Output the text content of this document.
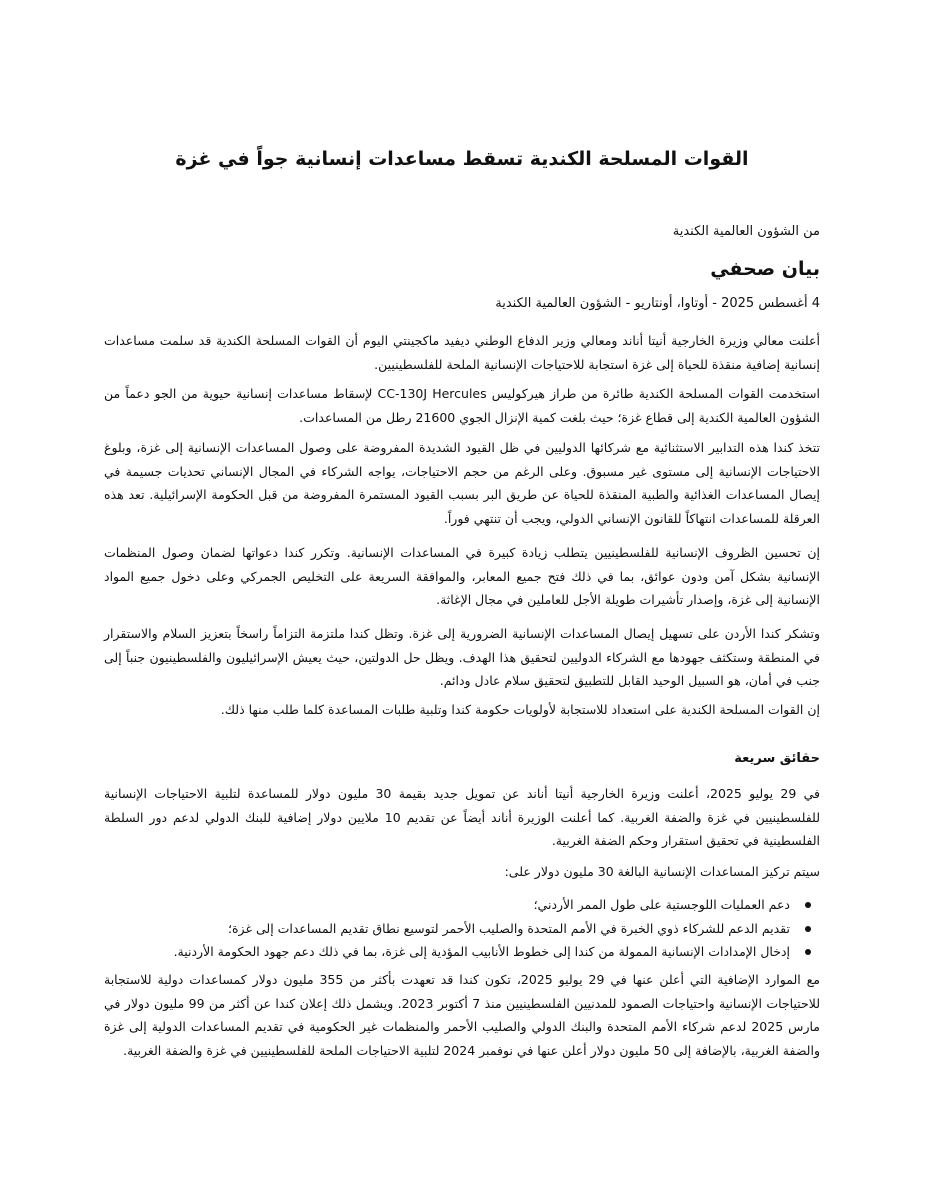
القوات المسلحة الكندية تسقط مساعدات إنسانية جواً في غزة

من الشؤون العالمية الكندية

بيان صحفي

4 أغسطس 2025 - أوتاوا، أونتاريو - الشؤون العالمية الكندية

أعلنت معالي وزيرة الخارجية أنيتا أناند ومعالي وزير الدفاع الوطني ديفيد ماكجينتي اليوم أن القوات المسلحة الكندية قد سلمت مساعدات إنسانية إضافية منقذة للحياة إلى غزة استجابة للاحتياجات الإنسانية الملحة للفلسطينيين.

استخدمت القوات المسلحة الكندية طائرة من طراز هيركوليس CC-130J Hercules لإسقاط مساعدات إنسانية حيوية من الجو دعماً من الشؤون العالمية الكندية إلى قطاع غزة؛ حيث بلغت كمية الإنزال الجوي 21600 رطل من المساعدات.

تتخذ كندا هذه التدابير الاستثنائية مع شركائها الدوليين في ظل القيود الشديدة المفروضة على وصول المساعدات الإنسانية إلى غزة، وبلوغ الاحتياجات الإنسانية إلى مستوى غير مسبوق. وعلى الرغم من حجم الاحتياجات، يواجه الشركاء في المجال الإنساني تحديات جسيمة في إيصال المساعدات الغذائية والطبية المنقذة للحياة عن طريق البر بسبب القيود المستمرة المفروضة من قبل الحكومة الإسرائيلية. تعد هذه العرقلة للمساعدات انتهاكاً للقانون الإنساني الدولي، ويجب أن تنتهي فوراً.

إن تحسين الظروف الإنسانية للفلسطينيين يتطلب زيادة كبيرة في المساعدات الإنسانية. وتكرر كندا دعواتها لضمان وصول المنظمات الإنسانية بشكل آمن ودون عوائق، بما في ذلك فتح جميع المعابر، والموافقة السريعة على التخليص الجمركي وعلى دخول جميع المواد الإنسانية إلى غزة، وإصدار تأشيرات طويلة الأجل للعاملين في مجال الإغاثة.

وتشكر كندا الأردن على تسهيل إيصال المساعدات الإنسانية الضرورية إلى غزة. وتظل كندا ملتزمة التزاماً راسخاً بتعزيز السلام والاستقرار في المنطقة وستكثف جهودها مع الشركاء الدوليين لتحقيق هذا الهدف. ويظل حل الدولتين، حيث يعيش الإسرائيليون والفلسطينيون جنباً إلى جنب في أمان، هو السبيل الوحيد القابل للتطبيق لتحقيق سلام عادل ودائم.

إن القوات المسلحة الكندية على استعداد للاستجابة لأولويات حكومة كندا وتلبية طلبات المساعدة كلما طلب منها ذلك.

حقائق سريعة

في 29 يوليو 2025، أعلنت وزيرة الخارجية أنيتا أناند عن تمويل جديد بقيمة 30 مليون دولار للمساعدة لتلبية الاحتياجات الإنسانية للفلسطينيين في غزة والضفة الغربية. كما أعلنت الوزيرة أناند أيضاً عن تقديم 10 ملايين دولار إضافية للبنك الدولي لدعم دور السلطة الفلسطينية في تحقيق استقرار وحكم الضفة الغربية.

سيتم تركيز المساعدات الإنسانية البالغة 30 مليون دولار على:

دعم العمليات اللوجستية على طول الممر الأردني؛
تقديم الدعم للشركاء ذوي الخبرة في الأمم المتحدة والصليب الأحمر لتوسيع نطاق تقديم المساعدات إلى غزة؛
إدخال الإمدادات الإنسانية الممولة من كندا إلى خطوط الأنابيب المؤدية إلى غزة، بما في ذلك دعم جهود الحكومة الأردنية.

مع الموارد الإضافية التي أعلن عنها في 29 يوليو 2025، تكون كندا قد تعهدت بأكثر من 355 مليون دولار كمساعدات دولية للاستجابة للاحتياجات الإنسانية واحتياجات الصمود للمدنيين الفلسطينيين منذ 7 أكتوبر 2023. ويشمل ذلك إعلان كندا عن أكثر من 99 مليون دولار في مارس 2025 لدعم شركاء الأمم المتحدة والبنك الدولي والصليب الأحمر والمنظمات غير الحكومية في تقديم المساعدات الدولية إلى غزة والضفة الغربية، بالإضافة إلى 50 مليون دولار أعلن عنها في نوفمبر 2024 لتلبية الاحتياجات الملحة للفلسطينيين في غزة والضفة الغربية.
